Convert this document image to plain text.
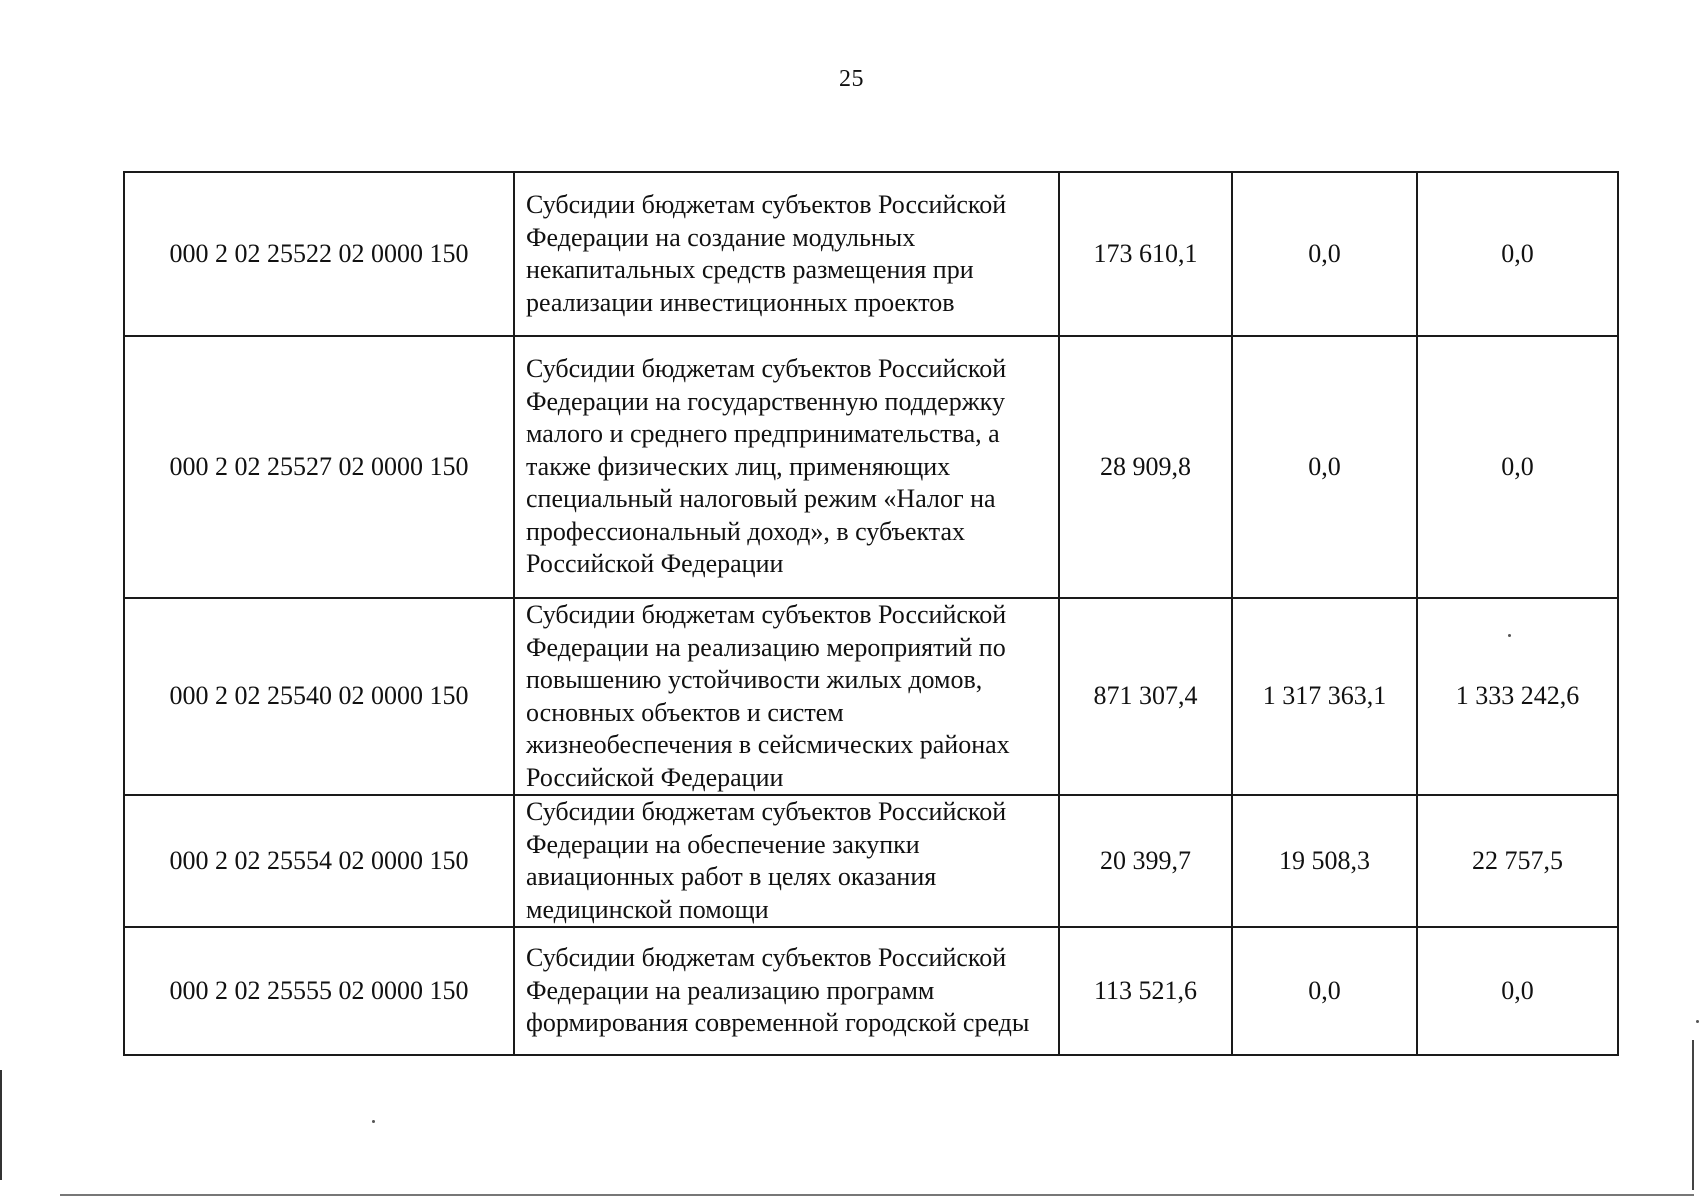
25
000 2 02 25522 02 0000 150	Субсидии бюджетам субъектов Российской Федерации на создание модульных некапитальных средств размещения при реализации инвестиционных проектов	173 610,1	0,0	0,0
000 2 02 25527 02 0000 150	Субсидии бюджетам субъектов Российской Федерации на государственную поддержку малого и среднего предпринимательства, а также физических лиц, применяющих специальный налоговый режим «Налог на профессиональный доход», в субъектах Российской Федерации	28 909,8	0,0	0,0
000 2 02 25540 02 0000 150	Субсидии бюджетам субъектов Российской Федерации на реализацию мероприятий по повышению устойчивости жилых домов, основных объектов и систем жизнеобеспечения в сейсмических районах Российской Федерации	871 307,4	1 317 363,1	1 333 242,6
000 2 02 25554 02 0000 150	Субсидии бюджетам субъектов Российской Федерации на обеспечение закупки авиационных работ в целях оказания медицинской помощи	20 399,7	19 508,3	22 757,5
000 2 02 25555 02 0000 150	Субсидии бюджетам субъектов Российской Федерации на реализацию программ формирования современной городской среды	113 521,6	0,0	0,0
